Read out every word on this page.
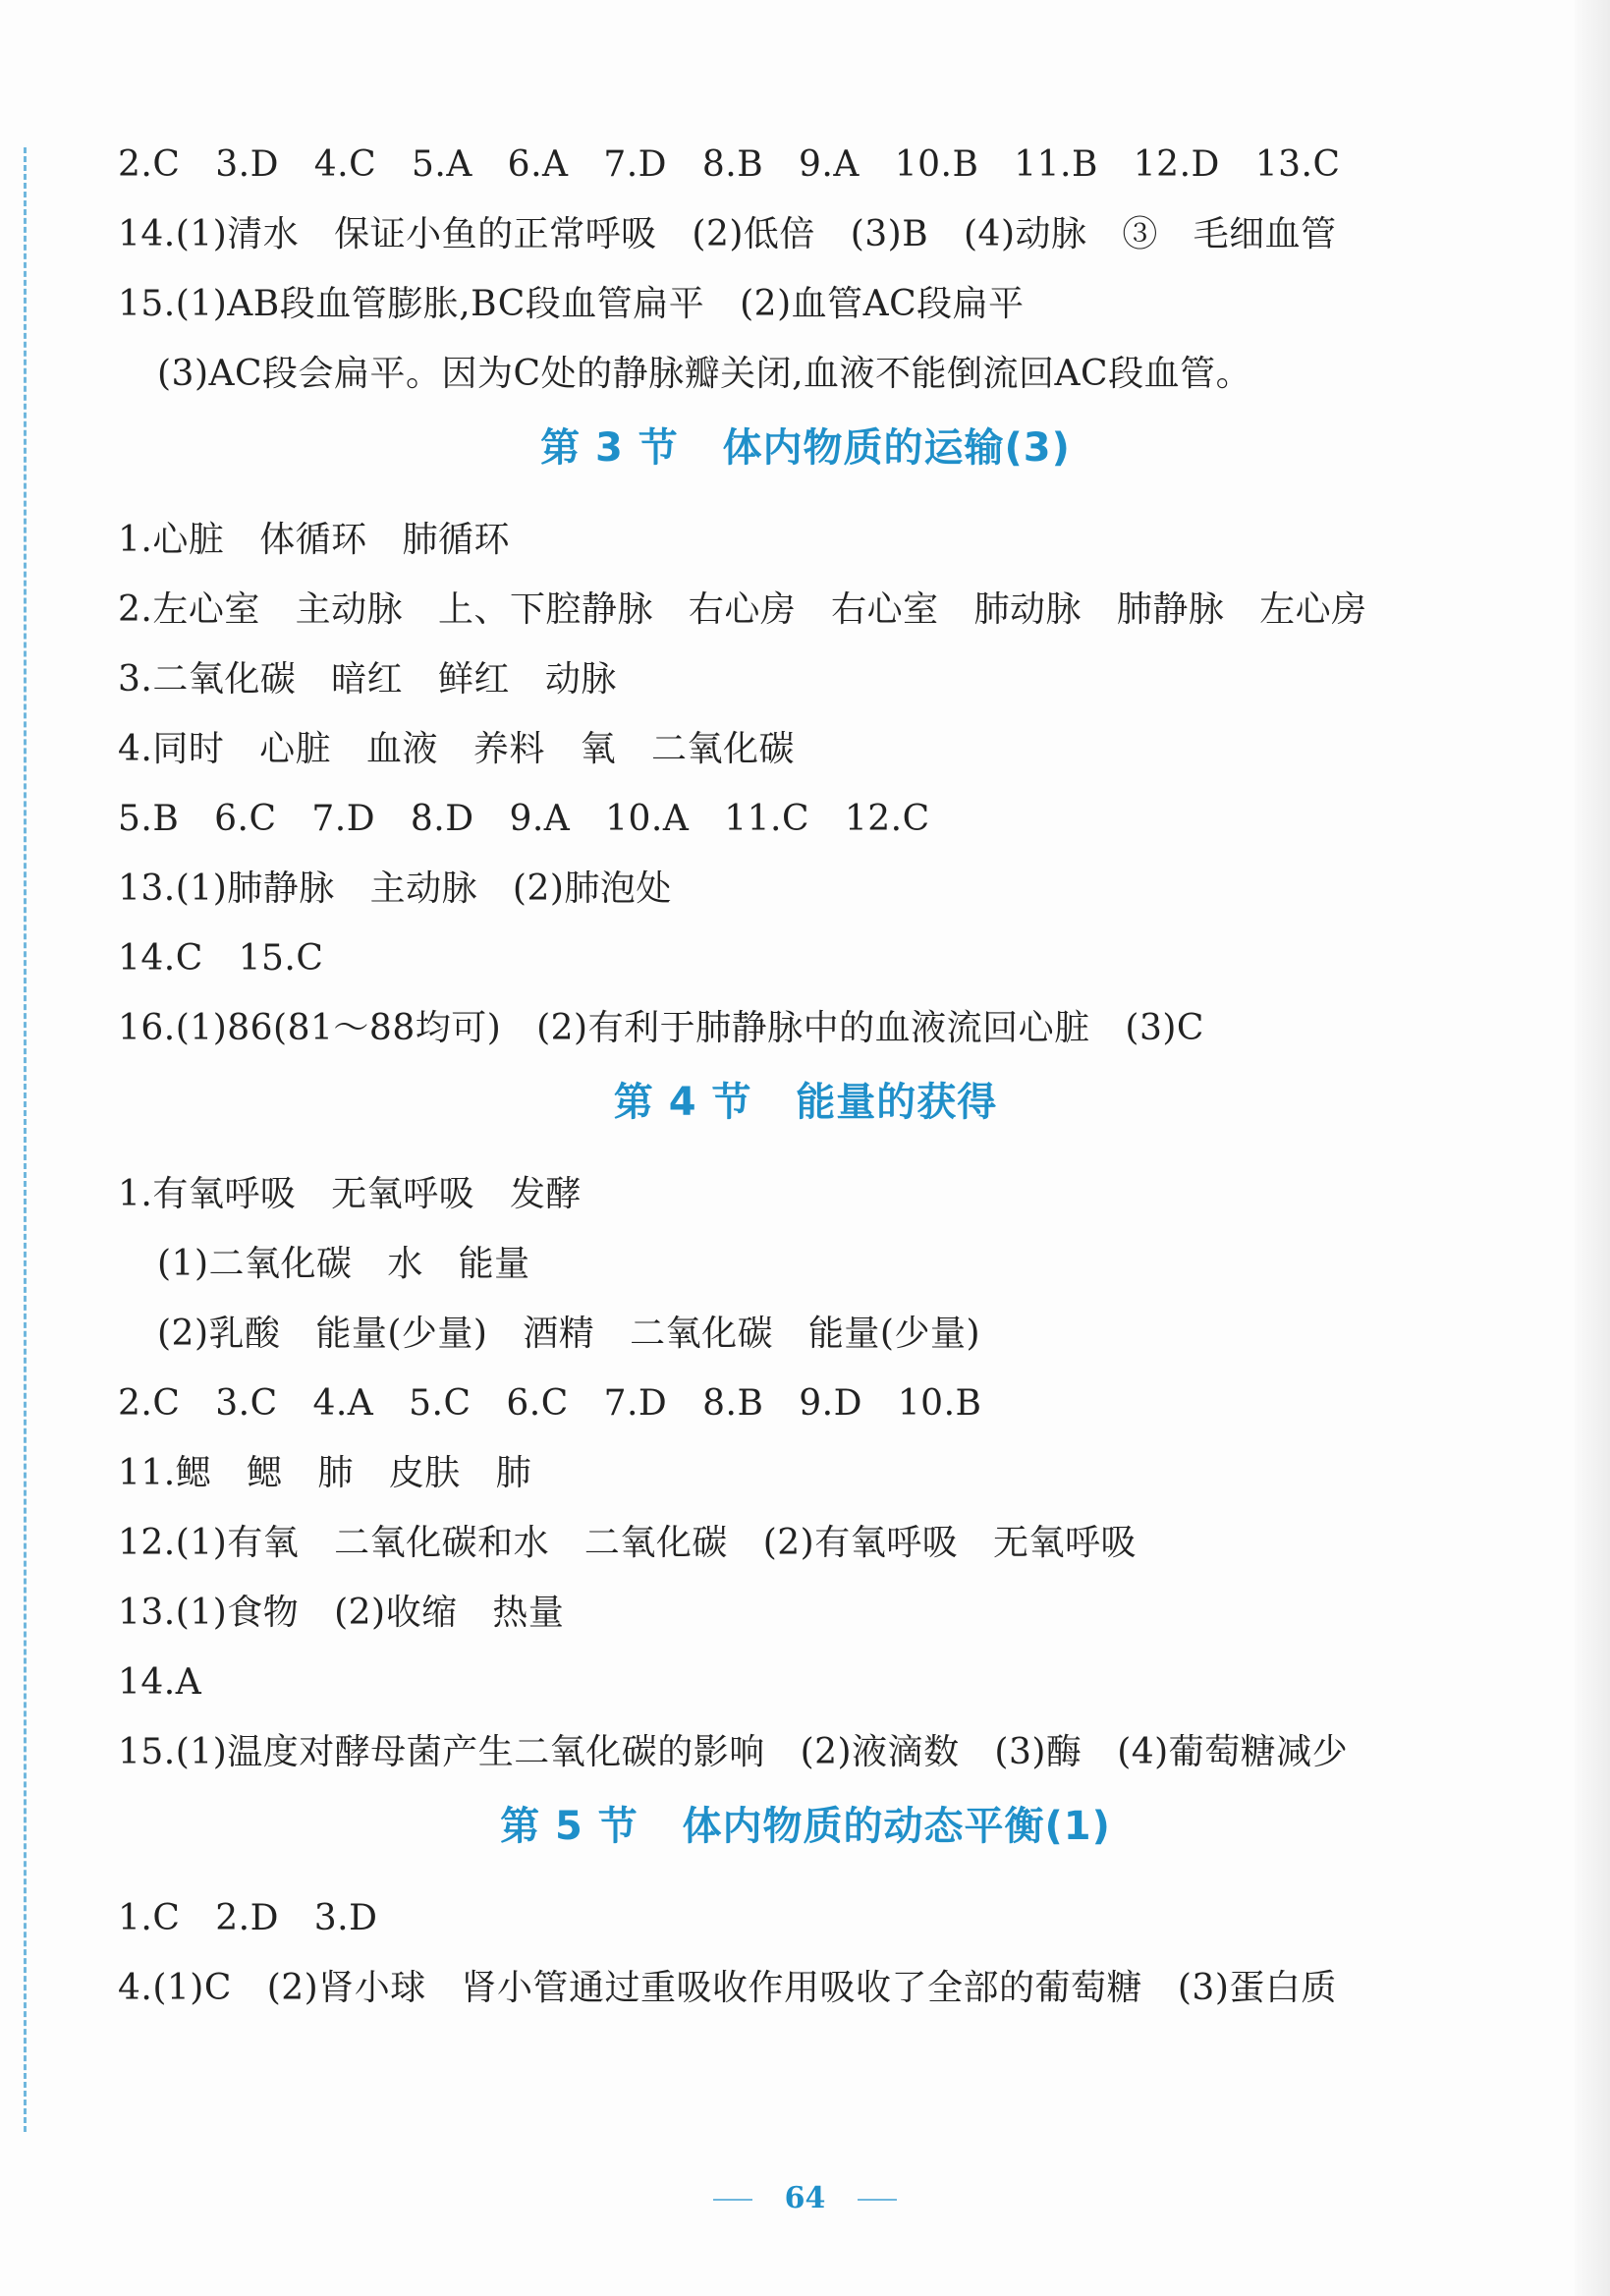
2.C   3.D   4.C   5.A   6.A   7.D   8.B   9.A   10.B   11.B   12.D   13.C
14.(1)清水   保证小鱼的正常呼吸   (2)低倍   (3)B   (4)动脉   ③   毛细血管
15.(1)AB段血管膨胀,BC段血管扁平   (2)血管AC段扁平
(3)AC段会扁平。因为C处的静脉瓣关闭,血液不能倒流回AC段血管。
第 3 节   体内物质的运输(3)
1.心脏   体循环   肺循环
2.左心室   主动脉   上、下腔静脉   右心房   右心室   肺动脉   肺静脉   左心房
3.二氧化碳   暗红   鲜红   动脉
4.同时   心脏   血液   养料   氧   二氧化碳
5.B   6.C   7.D   8.D   9.A   10.A   11.C   12.C
13.(1)肺静脉   主动脉   (2)肺泡处
14.C   15.C
16.(1)86(81～88均可)   (2)有利于肺静脉中的血液流回心脏   (3)C
第 4 节   能量的获得
1.有氧呼吸   无氧呼吸   发酵
(1)二氧化碳   水   能量
(2)乳酸   能量(少量)   酒精   二氧化碳   能量(少量)
2.C   3.C   4.A   5.C   6.C   7.D   8.B   9.D   10.B
11.鳃   鳃   肺   皮肤   肺
12.(1)有氧   二氧化碳和水   二氧化碳   (2)有氧呼吸   无氧呼吸
13.(1)食物   (2)收缩   热量
14.A
15.(1)温度对酵母菌产生二氧化碳的影响   (2)液滴数   (3)酶   (4)葡萄糖减少
第 5 节   体内物质的动态平衡(1)
1.C   2.D   3.D
4.(1)C   (2)肾小球   肾小管通过重吸收作用吸收了全部的葡萄糖   (3)蛋白质
64
